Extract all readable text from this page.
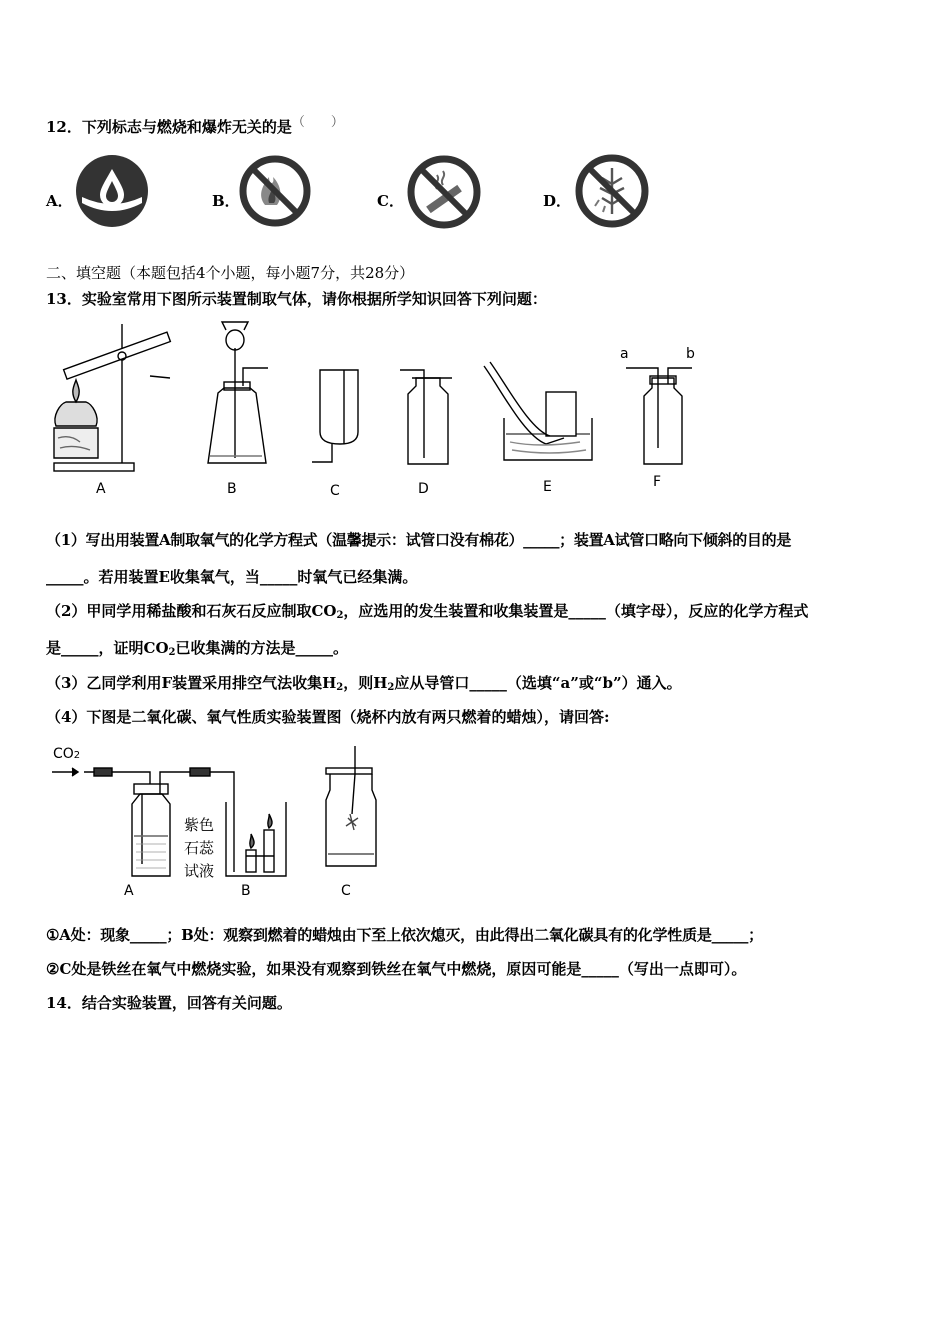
12．下列标志与燃烧和爆炸无关的是（　　）
A．	B．	C．	D．
二、填空题（本题包括4个小题，每小题7分，共28分）
13．实验室常用下图所示装置制取气体，请你根据所学知识回答下列问题：
A	B	C	D	E	F
a	b
（1）写出用装置A制取氧气的化学方程式（温馨提示：试管口没有棉花）_____；装置A试管口略向下倾斜的目的是
_____。若用装置E收集氧气，当_____时氧气已经集满。
（2）甲同学用稀盐酸和石灰石反应制取$CO_2$，应选用的发生装置和收集装置是_____（填字母），反应的化学方程式
是_____，证明$CO_2$已收集满的方法是_____。
（3）乙同学利用F装置采用排空气法收集$H_2$，则$H_2$应从导管口_____（选填“a”或“b”）通入。
（4）下图是二氧化碳、氧气性质实验装置图（烧杯内放有两只燃着的蜡烛），请回答:
CO2
紫色
石蕊
试液
A	B	C
①A处：现象_____；B处：观察到燃着的蜡烛由下至上依次熄灭，由此得出二氧化碳具有的化学性质是_____；
②C处是铁丝在氧气中燃烧实验，如果没有观察到铁丝在氧气中燃烧，原因可能是_____（写出一点即可）。
14．结合实验装置，回答有关问题。
